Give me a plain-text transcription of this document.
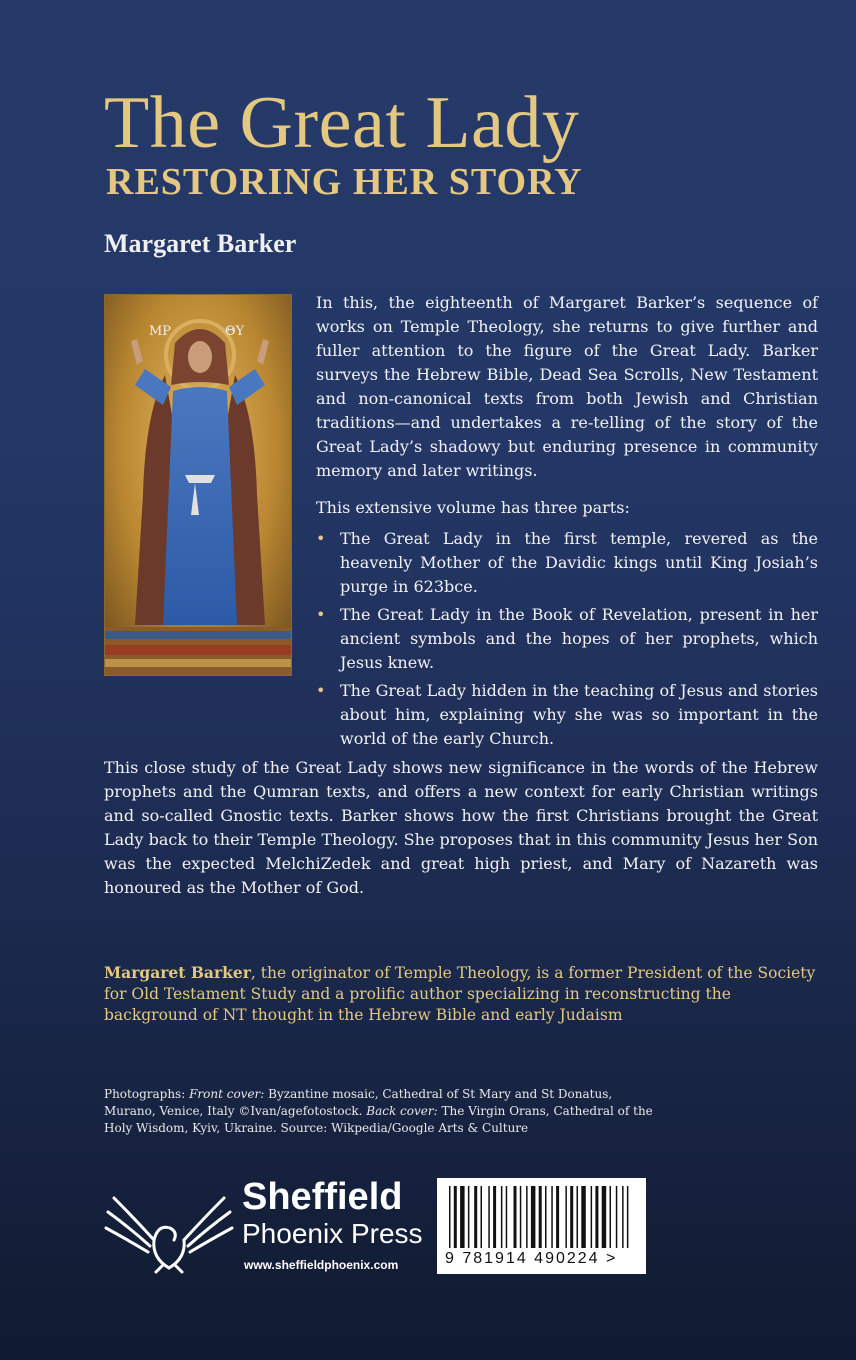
The Great Lady
RESTORING HER STORY
Margaret Barker
ΜΡ	ΘΥ

In this, the eighteenth of Margaret Barker’s sequence of works on Temple Theology, she returns to give further and fuller attention to the figure of the Great Lady. Barker surveys the Hebrew Bible, Dead Sea Scrolls, New Testament and non-canonical texts from both Jewish and Christian traditions—and undertakes a re-telling of the story of the Great Lady’s shadowy but enduring presence in community memory and later writings.

This extensive volume has three parts:

• The Great Lady in the first temple, revered as the heavenly Mother of the Davidic kings until King Josiah’s purge in 623bce.
• The Great Lady in the Book of Revelation, present in her ancient symbols and the hopes of her prophets, which Jesus knew.
• The Great Lady hidden in the teaching of Jesus and stories about him, explaining why she was so important in the world of the early Church.

This close study of the Great Lady shows new significance in the words of the Hebrew prophets and the Qumran texts, and offers a new context for early Christian writings and so-called Gnostic texts. Barker shows how the first Christians brought the Great Lady back to their Temple Theology. She proposes that in this community Jesus her Son was the expected MelchiZedek and great high priest, and Mary of Nazareth was honoured as the Mother of God.

Margaret Barker, the originator of Temple Theology, is a former President of the Society for Old Testament Study and a prolific author specializing in reconstructing the background of NT thought in the Hebrew Bible and early Judaism

Photographs: Front cover: Byzantine mosaic, Cathedral of St Mary and St Donatus, Murano, Venice, Italy ©Ivan/agefotostock. Back cover: The Virgin Orans, Cathedral of the Holy Wisdom, Kyiv, Ukraine. Source: Wikpedia/Google Arts & Culture

Sheffield
Phoenix Press
www.sheffieldphoenix.com	9 781914 490224 >
